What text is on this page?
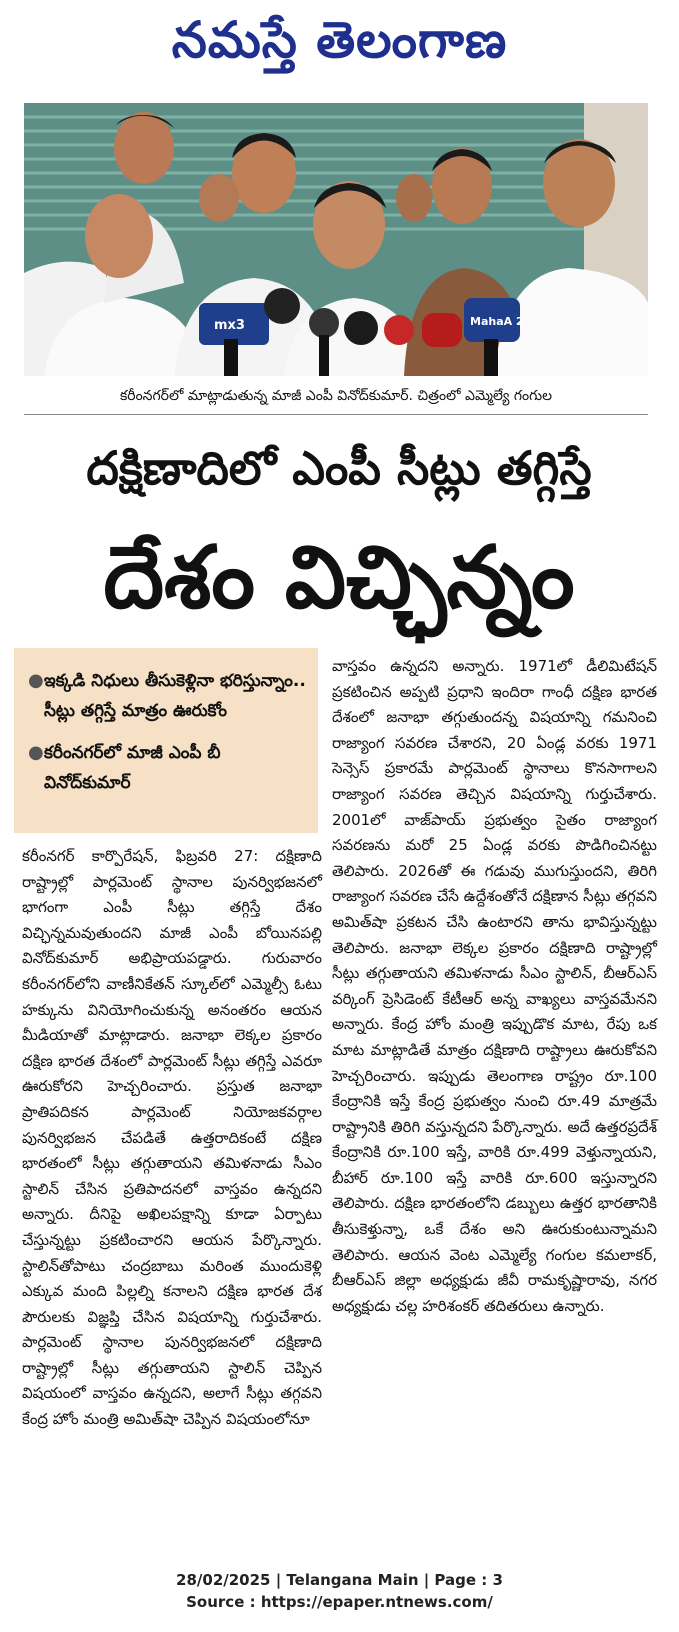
నమస్తే తెలంగాణ
mx3	MahaA 2
కరీంనగర్‌లో మాట్లాడుతున్న మాజీ ఎంపీ వినోద్‌కుమార్. చిత్రంలో ఎమ్మెల్యే గంగుల
దక్షిణాదిలో ఎంపీ సీట్లు తగ్గిస్తే
దేశం విచ్ఛిన్నం
● ఇక్కడి నిధులు తీసుకెళ్లినా భరిస్తున్నాం.. సీట్లు తగ్గిస్తే మాత్రం ఊరుకోం
● కరీంనగర్‌లో మాజీ ఎంపీ బీ వినోద్‌కుమార్

కరీంనగర్ కార్పొరేషన్, ఫిబ్రవరి 27: దక్షిణాది రాష్ట్రాల్లో పార్లమెంట్ స్థానాల పునర్విభజనలో భాగంగా ఎంపీ సీట్లు తగ్గిస్తే దేశం విచ్ఛిన్నమవుతుందని మాజీ ఎంపీ బోయినపల్లి వినోద్‌కుమార్ అభిప్రాయపడ్డారు. గురువారం కరీంనగర్‌లోని వాణీనికేతన్ స్కూల్‌లో ఎమ్మెల్సీ ఓటు హక్కును వినియోగించుకున్న అనంతరం ఆయన మీడియాతో మాట్లాడారు. జనాభా లెక్కల ప్రకారం దక్షిణ భారత దేశంలో పార్లమెంట్ సీట్లు తగ్గిస్తే ఎవరూ ఊరుకోరని హెచ్చరించారు. ప్రస్తుత జనాభా ప్రాతిపదికన పార్లమెంట్ నియోజకవర్గాల పునర్విభజన చేపడితే ఉత్తరాదికంటే దక్షిణ భారతంలో సీట్లు తగ్గుతాయని తమిళనాడు సీఎం స్టాలిన్ చేసిన ప్రతిపాదనలో వాస్తవం ఉన్నదని అన్నారు. దీనిపై అఖిలపక్షాన్ని కూడా ఏర్పాటు చేస్తున్నట్టు ప్రకటించారని ఆయన పేర్కొన్నారు. స్టాలిన్‌తోపాటు చంద్రబాబు మరింత ముందుకెళ్లి ఎక్కువ మంది పిల్లల్ని కనాలని దక్షిణ భారత దేశ పౌరులకు విజ్ఞప్తి చేసిన విషయాన్ని గుర్తుచేశారు. పార్లమెంట్ స్థానాల పునర్విభజనలో దక్షిణాది రాష్ట్రాల్లో సీట్లు తగ్గుతాయని స్టాలిన్ చెప్పిన విషయంలో వాస్తవం ఉన్నదని, అలాగే సీట్లు తగ్గవని కేంద్ర హోం మంత్రి అమిత్‌షా చెప్పిన విషయంలోనూ

వాస్తవం ఉన్నదని అన్నారు. 1971లో డీలిమిటేషన్ ప్రకటించిన అప్పటి ప్రధాని ఇందిరా గాంధీ దక్షిణ భారత దేశంలో జనాభా తగ్గుతుందన్న విషయాన్ని గమనించి రాజ్యాంగ సవరణ చేశారని, 20 ఏండ్ల వరకు 1971 సెన్సెస్ ప్రకారమే పార్లమెంట్ స్థానాలు కొనసాగాలని రాజ్యాంగ సవరణ తెచ్చిన విషయాన్ని గుర్తుచేశారు. 2001లో వాజ్‌పాయ్ ప్రభుత్వం సైతం రాజ్యాంగ సవరణను మరో 25 ఏండ్ల వరకు పొడిగించినట్టు తెలిపారు. 2026తో ఈ గడువు ముగుస్తుందని, తిరిగి రాజ్యాంగ సవరణ చేసే ఉద్దేశంతోనే దక్షిణాన సీట్లు తగ్గవని అమిత్‌షా ప్రకటన చేసి ఉంటారని తాను భావిస్తున్నట్టు తెలిపారు. జనాభా లెక్కల ప్రకారం దక్షిణాది రాష్ట్రాల్లో సీట్లు తగ్గుతాయని తమిళనాడు సీఎం స్టాలిన్, బీఆర్‌ఎస్ వర్కింగ్ ప్రెసిడెంట్ కేటీఆర్ అన్న వాఖ్యలు వాస్తవమేనని అన్నారు. కేంద్ర హోం మంత్రి ఇప్పుడొక మాట, రేపు ఒక మాట మాట్లాడితే మాత్రం దక్షిణాది రాష్ట్రాలు ఊరుకోవని హెచ్చరించారు. ఇప్పుడు తెలంగాణ రాష్ట్రం రూ.100 కేంద్రానికి ఇస్తే కేంద్ర ప్రభుత్వం నుంచి రూ.49 మాత్రమే రాష్ట్రానికి తిరిగి వస్తున్నదని పేర్కొన్నారు. అదే ఉత్తరప్రదేశ్ కేంద్రానికి రూ.100 ఇస్తే, వారికి రూ.499 వెళ్తున్నాయని, బీహార్ రూ.100 ఇస్తే వారికి రూ.600 ఇస్తున్నారని తెలిపారు. దక్షిణ భారతంలోని డబ్బులు ఉత్తర భారతానికి తీసుకెళ్తున్నా, ఒకే దేశం అని ఊరుకుంటున్నామని తెలిపారు. ఆయన వెంట ఎమ్మెల్యే గంగుల కమలాకర్, బీఆర్‌ఎస్ జిల్లా అధ్యక్షుడు జీవీ రామకృష్ణారావు, నగర అధ్యక్షుడు చల్ల హరిశంకర్ తదితరులు ఉన్నారు.

28/02/2025 | Telangana Main | Page : 3
Source : https://epaper.ntnews.com/
